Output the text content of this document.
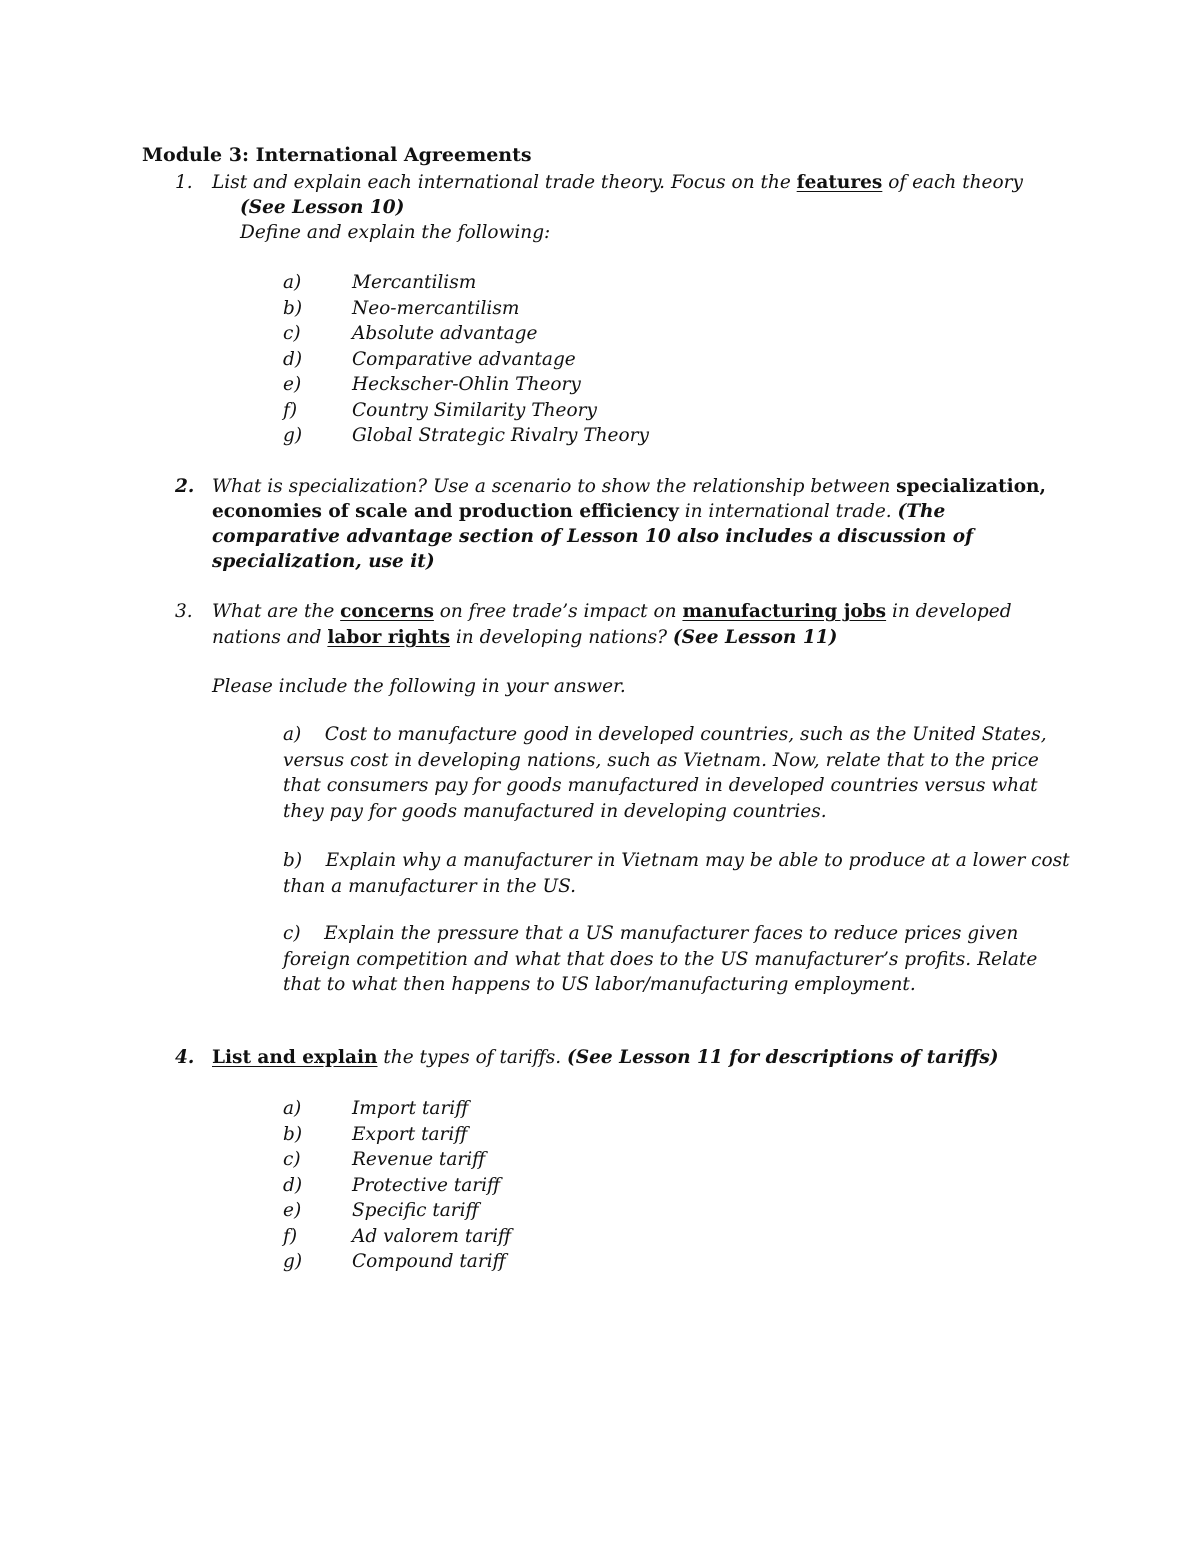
Module 3: International Agreements
1. List and explain each international trade theory. Focus on the features of each theory
(See Lesson 10)
Define and explain the following:
a)	Mercantilism
b)	Neo-mercantilism
c)	Absolute advantage
d)	Comparative advantage
e)	Heckscher-Ohlin Theory
f)	Country Similarity Theory
g)	Global Strategic Rivalry Theory
2. What is specialization? Use a scenario to show the relationship between specialization,
economies of scale and production efficiency in international trade. (The
comparative advantage section of Lesson 10 also includes a discussion of
specialization, use it)
3. What are the concerns on free trade’s impact on manufacturing jobs in developed
nations and labor rights in developing nations? (See Lesson 11)
Please include the following in your answer.
a) Cost to manufacture good in developed countries, such as the United States, versus cost in developing nations, such as Vietnam. Now, relate that to the price that consumers pay for goods manufactured in developed countries versus what they pay for goods manufactured in developing countries.
b) Explain why a manufacturer in Vietnam may be able to produce at a lower cost than a manufacturer in the US.
c) Explain the pressure that a US manufacturer faces to reduce prices given foreign competition and what that does to the US manufacturer’s profits. Relate that to what then happens to US labor/manufacturing employment.
4. List and explain the types of tariffs. (See Lesson 11 for descriptions of tariffs)
a)	Import tariff
b)	Export tariff
c)	Revenue tariff
d)	Protective tariff
e)	Specific tariff
f)	Ad valorem tariff
g)	Compound tariff
